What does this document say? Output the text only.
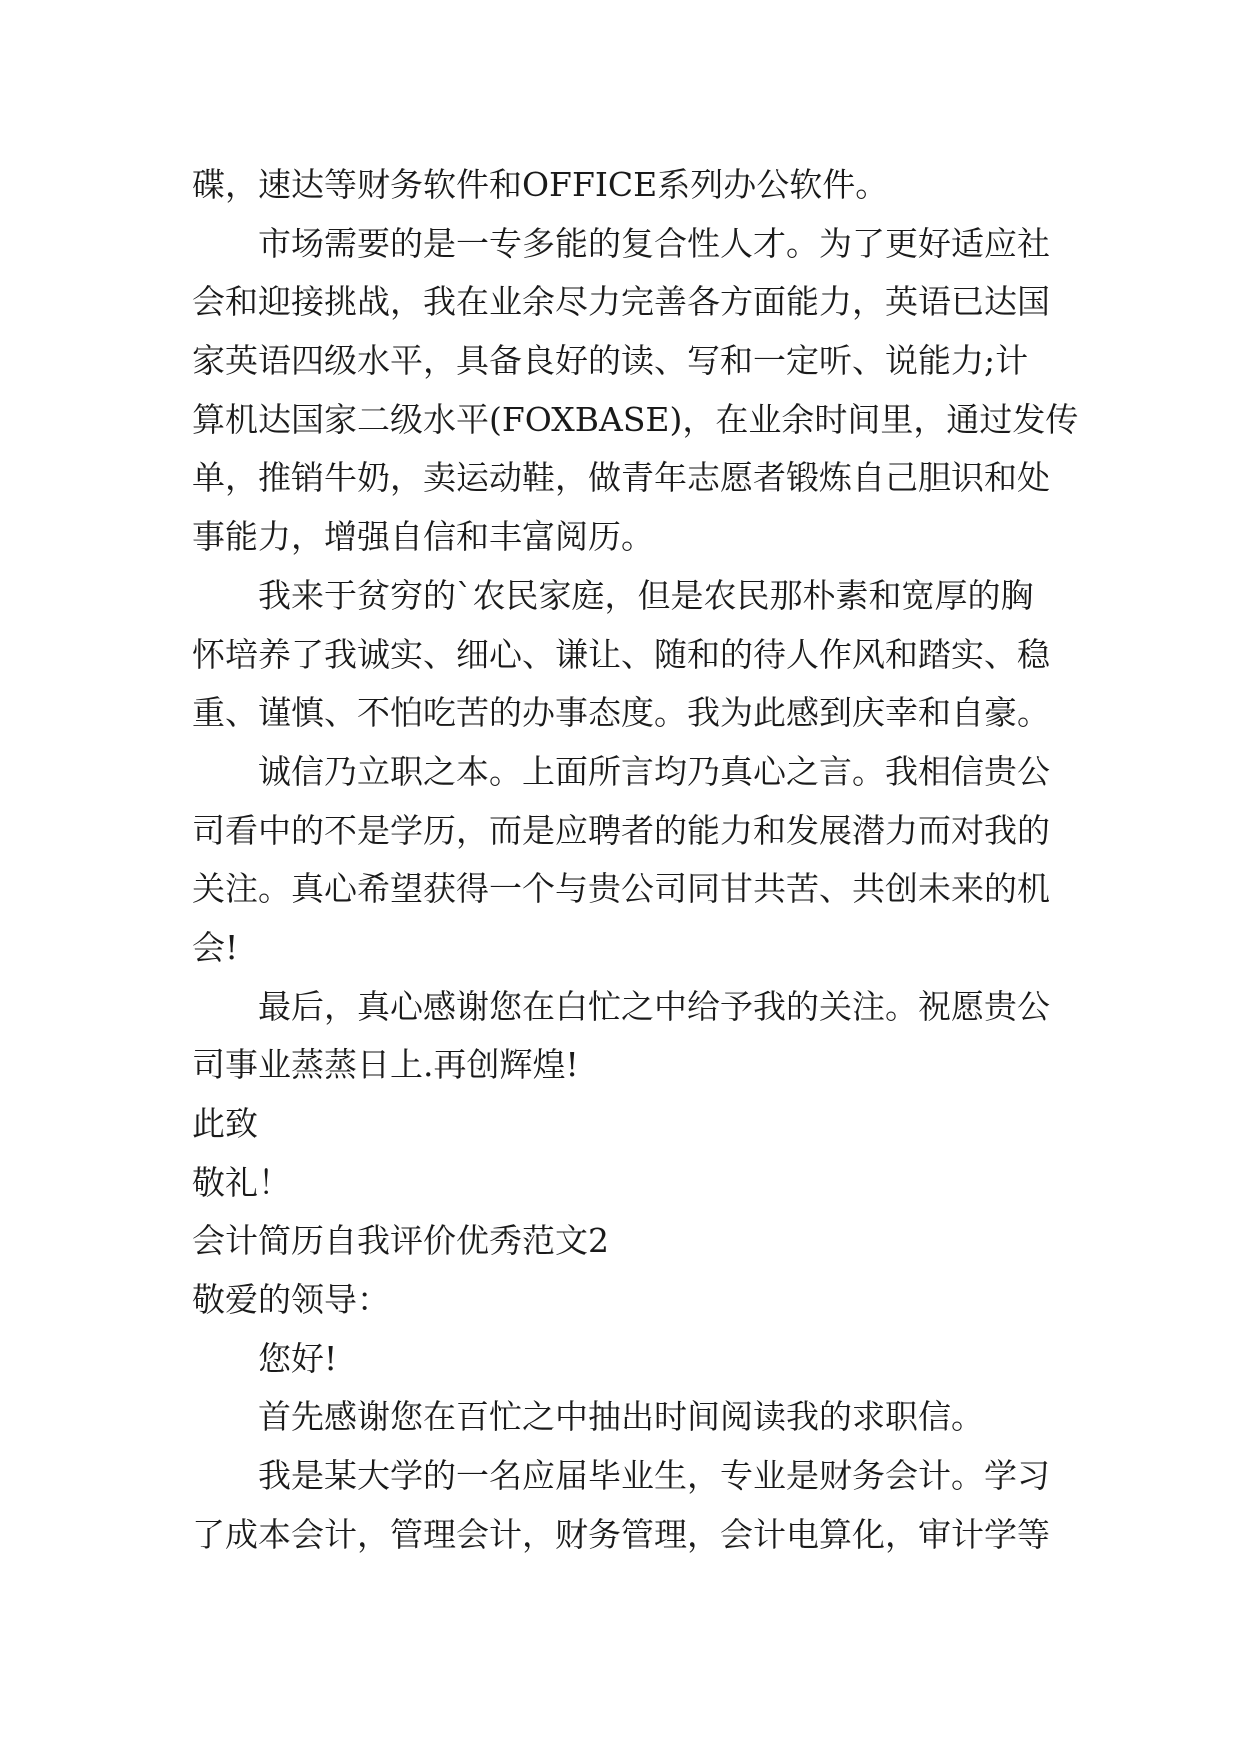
碟，速达等财务软件和OFFICE系列办公软件。
市场需要的是一专多能的复合性人才。为了更好适应社
会和迎接挑战，我在业余尽力完善各方面能力，英语已达国
家英语四级水平，具备良好的读、写和一定听、说能力;计
算机达国家二级水平(FOXBASE)，在业余时间里，通过发传
单，推销牛奶，卖运动鞋，做青年志愿者锻炼自己胆识和处
事能力，增强自信和丰富阅历。
我来于贫穷的`农民家庭，但是农民那朴素和宽厚的胸
怀培养了我诚实、细心、谦让、随和的待人作风和踏实、稳
重、谨慎、不怕吃苦的办事态度。我为此感到庆幸和自豪。
诚信乃立职之本。上面所言均乃真心之言。我相信贵公
司看中的不是学历，而是应聘者的能力和发展潜力而对我的
关注。真心希望获得一个与贵公司同甘共苦、共创未来的机
会!
最后，真心感谢您在白忙之中给予我的关注。祝愿贵公
司事业蒸蒸日上.再创辉煌!
此致
敬礼！
会计简历自我评价优秀范文2
敬爱的领导：
您好!
首先感谢您在百忙之中抽出时间阅读我的求职信。
我是某大学的一名应届毕业生，专业是财务会计。学习
了成本会计，管理会计，财务管理，会计电算化，审计学等
